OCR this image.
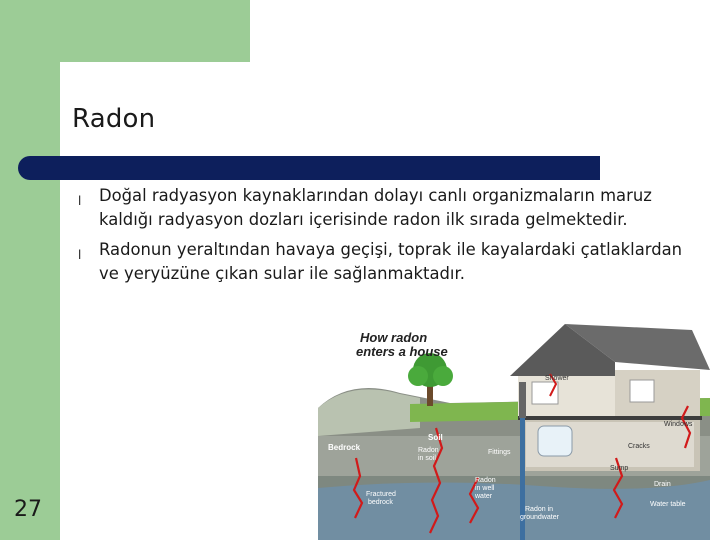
Radon
l Doğal radyasyon kaynaklarından dolayı canlı organizmaların maruz kaldığı radyasyon dozları içerisinde radon ilk sırada gelmektedir.
l Radonun yeraltından havaya geçişi, toprak ile kayalardaki çatlaklardan ve yeryüzüne çıkan sular ile sağlanmaktadır.
27
How radon
enters a house
Shower
Windows
Cracks
Sump
Drain
Water table
Bedrock
Soil
Radon
in soil
Fittings
Fractured
bedrock
Radon
in well
water
Radon in
groundwater
